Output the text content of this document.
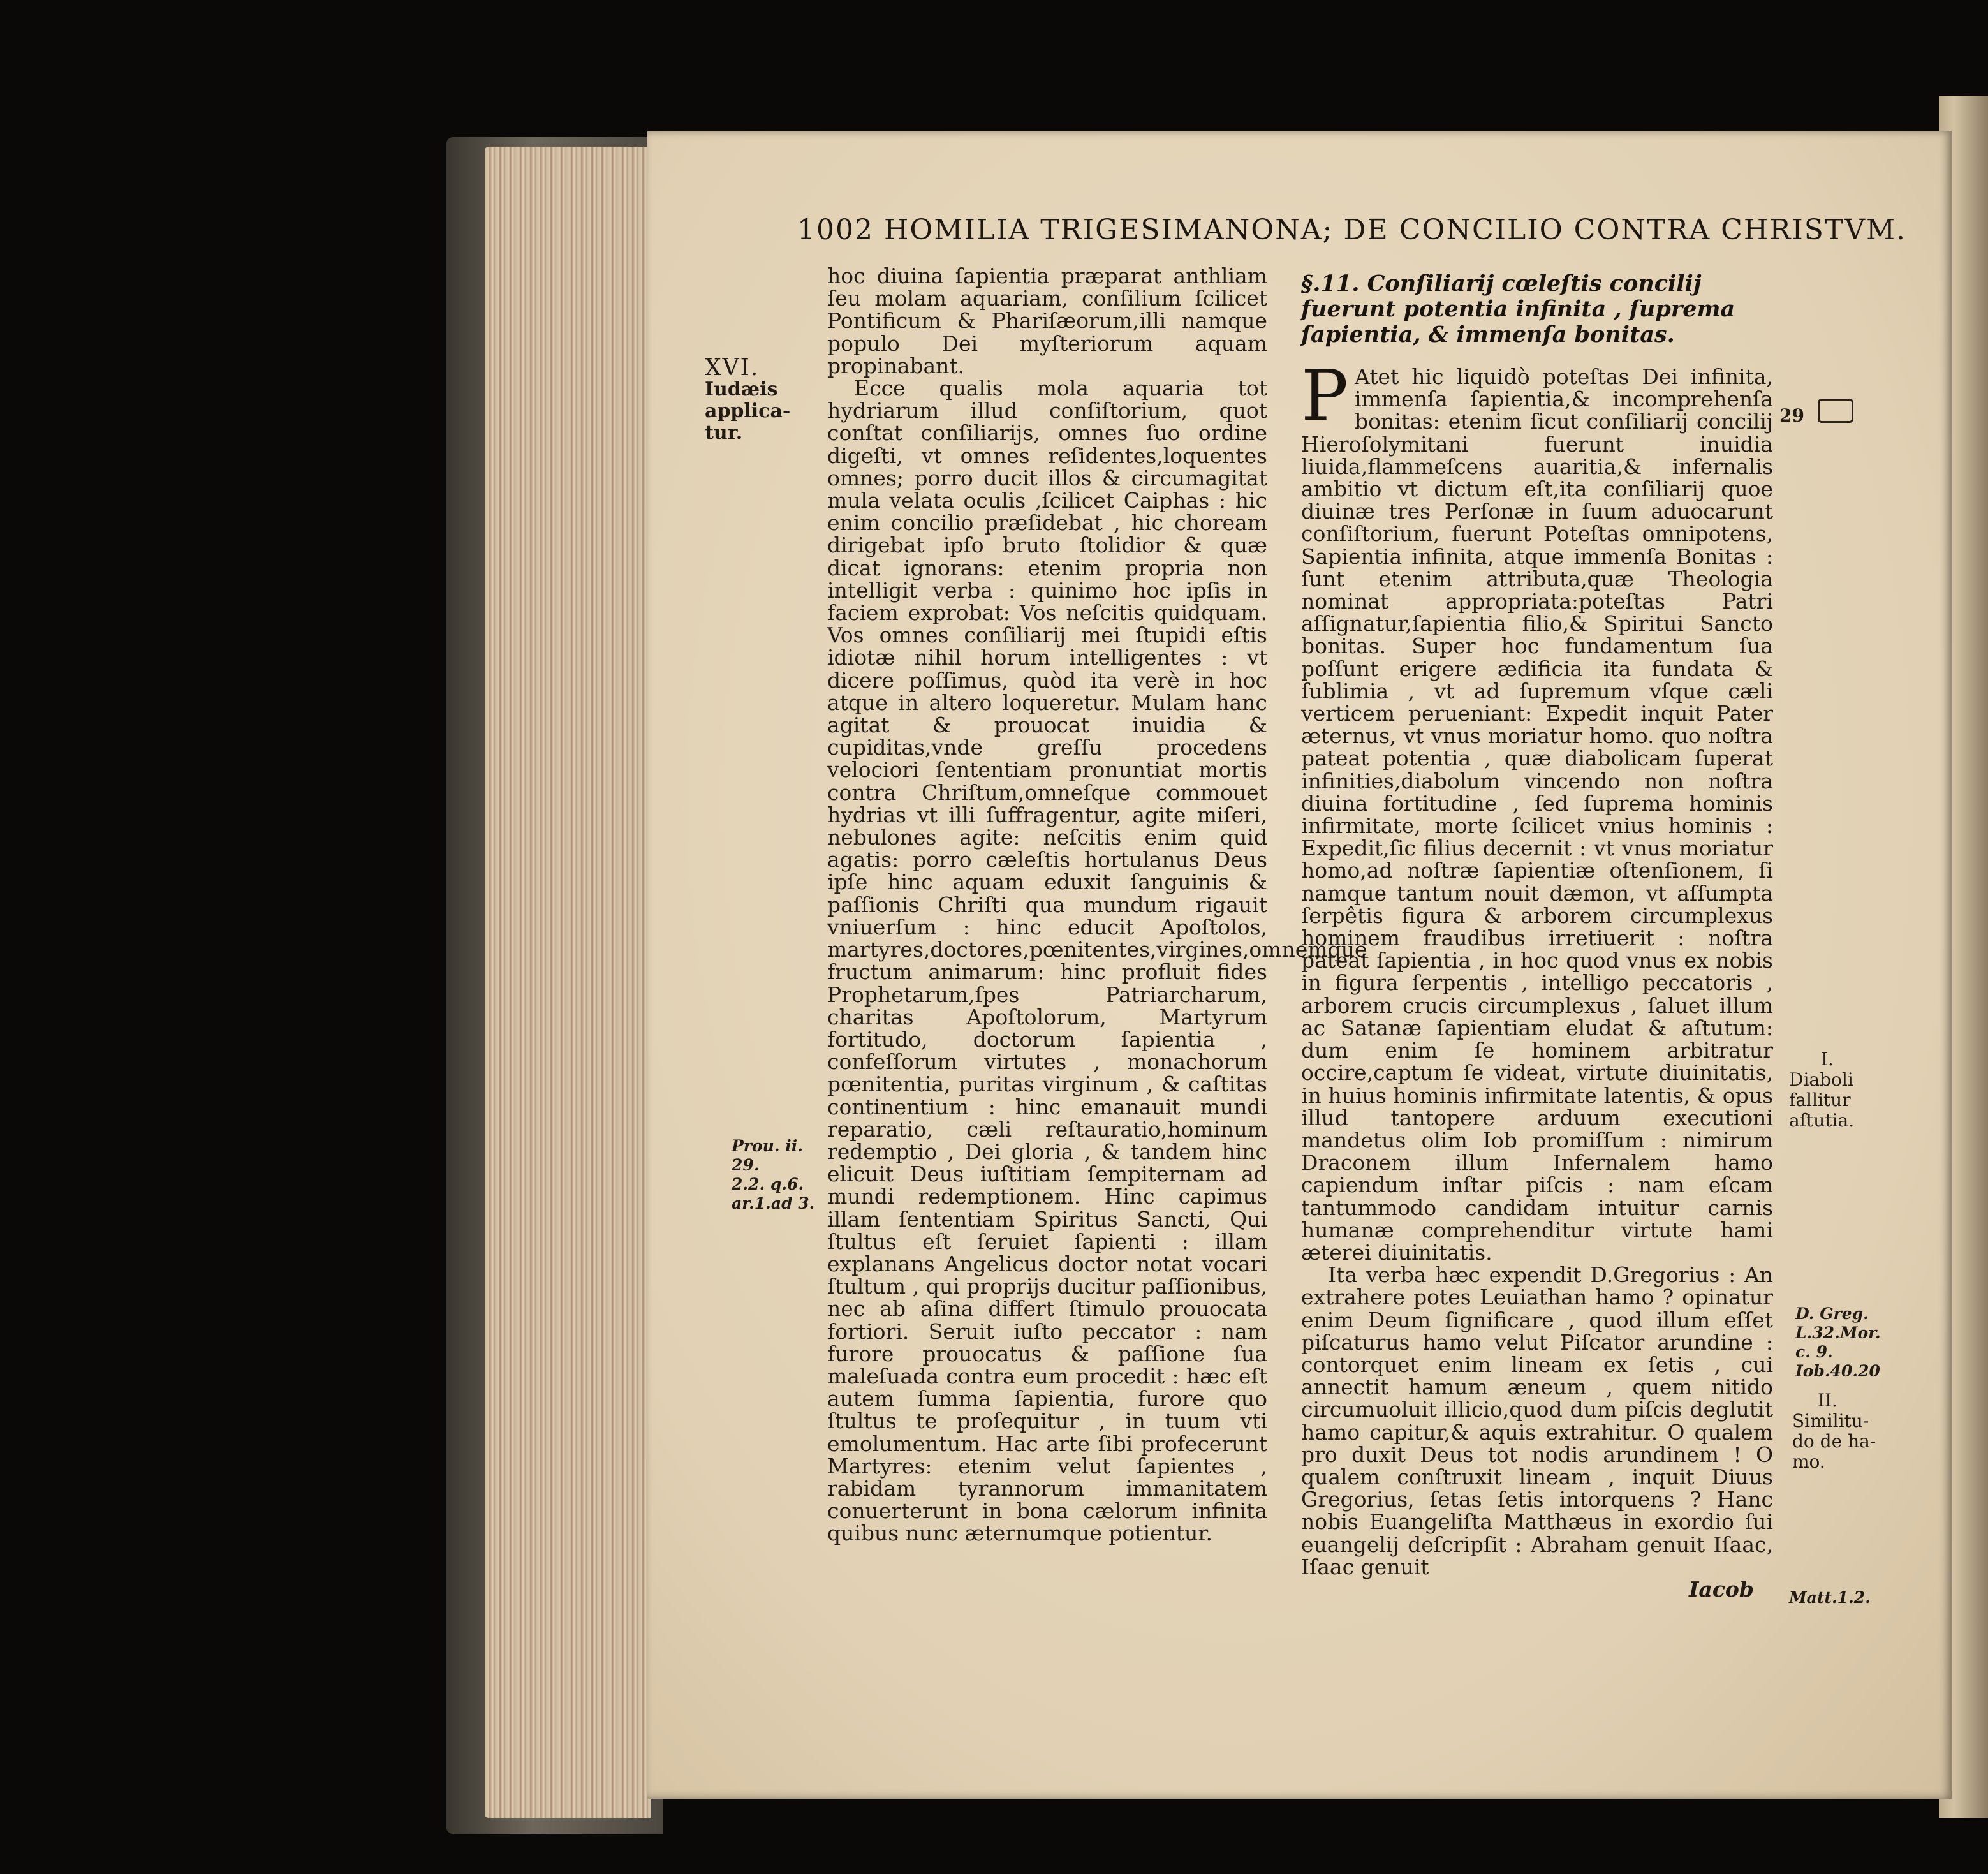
1002 HOMILIA TRIGESIMANONA; DE CONCILIO CONTRA CHRISTVM.
XVI.
Iudæis
applica-
tur.
Prou. ii.
29.
2.2. q.6.
ar.1.ad 3.

hoc diuina ſapientia præparat anthliam ſeu molam aquariam, conſilium ſcilicet Pontificum & Phariſæorum,illi namque populo Dei myſteriorum aquam propinabant.

Ecce qualis mola aquaria tot hydriarum illud conſiſtorium, quot conſtat conſiliarijs, omnes ſuo ordine digeſti, vt omnes reſidentes,loquentes omnes; porro ducit illos & circumagitat mula velata oculis ,ſcilicet Caiphas : hic enim concilio præſidebat , hic choream dirigebat ipſo bruto ſtolidior & quæ dicat ignorans: etenim propria non intelligit verba : quinimo hoc ipſis in faciem exprobat: Vos neſcitis quidquam. Vos omnes conſiliarij mei ſtupidi eſtis idiotæ nihil horum intelligentes : vt dicere poſſimus, quòd ita verè in hoc atque in altero loqueretur. Mulam hanc agitat & prouocat inuidia & cupiditas,vnde greſſu procedens velociori ſententiam pronuntiat mortis contra Chriſtum,omneſque commouet hydrias vt illi ſuffragentur, agite miſeri, nebulones agite: neſcitis enim quid agatis: porro cæleſtis hortulanus Deus ipſe hinc aquam eduxit ſanguinis & paſſionis Chriſti qua mundum rigauit vniuerſum : hinc educit Apoſtolos, martyres,doctores,pœnitentes,virgines,omnemque fructum animarum: hinc profluit fides Prophetarum,ſpes Patriarcharum, charitas Apoſtolorum, Martyrum fortitudo, doctorum ſapientia , confeſſorum virtutes , monachorum pœnitentia, puritas virginum , & caſtitas continentium : hinc emanauit mundi reparatio, cæli reſtauratio,hominum redemptio , Dei gloria , & tandem hinc elicuit Deus iuſtitiam ſempiternam ad mundi redemptionem. Hinc capimus illam ſententiam Spiritus Sancti, Qui ſtultus eſt ſeruiet ſapienti : illam explanans Angelicus doctor notat vocari ſtultum , qui proprijs ducitur paſſionibus, nec ab aſina differt ſtimulo prouocata fortiori. Seruit iuſto peccator : nam furore prouocatus & paſſione ſua maleſuada contra eum procedit : hæc eſt autem ſumma ſapientia, furore quo ſtultus te proſequitur , in tuum vti emolumentum. Hac arte ſibi profecerunt Martyres: etenim velut ſapientes , rabidam tyrannorum immanitatem conuerterunt in bona cælorum infinita quibus nunc æternumque potientur.

§.11. Conſiliarij cœleſtis concilij fuerunt potentia infinita , ſuprema ſapientia, & immenſa bonitas.

P Atet hic liquidò poteſtas Dei infinita, immenſa ſapientia,& incomprehenſa bonitas: etenim ſicut conſiliarij concilij Hieroſolymitani fuerunt inuidia liuida,flammeſcens auaritia,& infernalis ambitio vt dictum eſt,ita conſiliarij quoe diuinæ tres Perſonæ in ſuum aduocarunt conſiſtorium, fuerunt Poteſtas omnipotens, Sapientia infinita, atque immenſa Bonitas : ſunt etenim attributa,quæ Theologia nominat appropriata:poteſtas Patri aſſignatur,ſapientia filio,& Spiritui Sancto bonitas. Super hoc fundamentum ſua poſſunt erigere ædificia ita fundata & ſublimia , vt ad ſupremum vſque cæli verticem perueniant: Expedit inquit Pater æternus, vt vnus moriatur homo. quo noſtra pateat potentia , quæ diabolicam ſuperat infinities,diabolum vincendo non noſtra diuina fortitudine , ſed ſuprema hominis infirmitate, morte ſcilicet vnius hominis : Expedit,ſic filius decernit : vt vnus moriatur homo,ad noſtræ ſapientiæ oſtenſionem, ſi namque tantum nouit dæmon, vt aſſumpta ſerpêtis figura & arborem circumplexus hominem fraudibus irretiuerit : noſtra pateat ſapientia , in hoc quod vnus ex nobis in figura ſerpentis , intelligo peccatoris , arborem crucis circumplexus , ſaluet illum ac Satanæ ſapientiam eludat & aſtutum: dum enim ſe hominem arbitratur occire,captum ſe videat, virtute diuinitatis, in huius hominis infirmitate latentis, & opus illud tantopere arduum executioni mandetus olim Iob promiſſum : nimirum Draconem illum Infernalem hamo capiendum inſtar piſcis : nam eſcam tantummodo candidam intuitur carnis humanæ comprehenditur virtute hami æterei diuinitatis.

Ita verba hæc expendit D.Gregorius : An extrahere potes Leuiathan hamo ? opinatur enim Deum ſignificare , quod illum eſſet piſcaturus hamo velut Piſcator arundine : contorquet enim lineam ex ſetis , cui annectit hamum æneum , quem nitido circumuoluit illicio,quod dum piſcis deglutit hamo capitur,& aquis extrahitur. O qualem pro duxit Deus tot nodis arundinem ! O qualem conſtruxit lineam , inquit Diuus Gregorius, ſetas ſetis intorquens ? Hanc nobis Euangeliſta Matthæus in exordio ſui euangelij deſcripſit : Abraham genuit Iſaac, Iſaac genuit

Iacob
29
I.
Diaboli
fallitur
aſtutia.
D. Greg.
L.32.Mor.
c. 9.
Iob.40.20
II.
Similitu-
do de ha-
mo.
Matt.1.2.
